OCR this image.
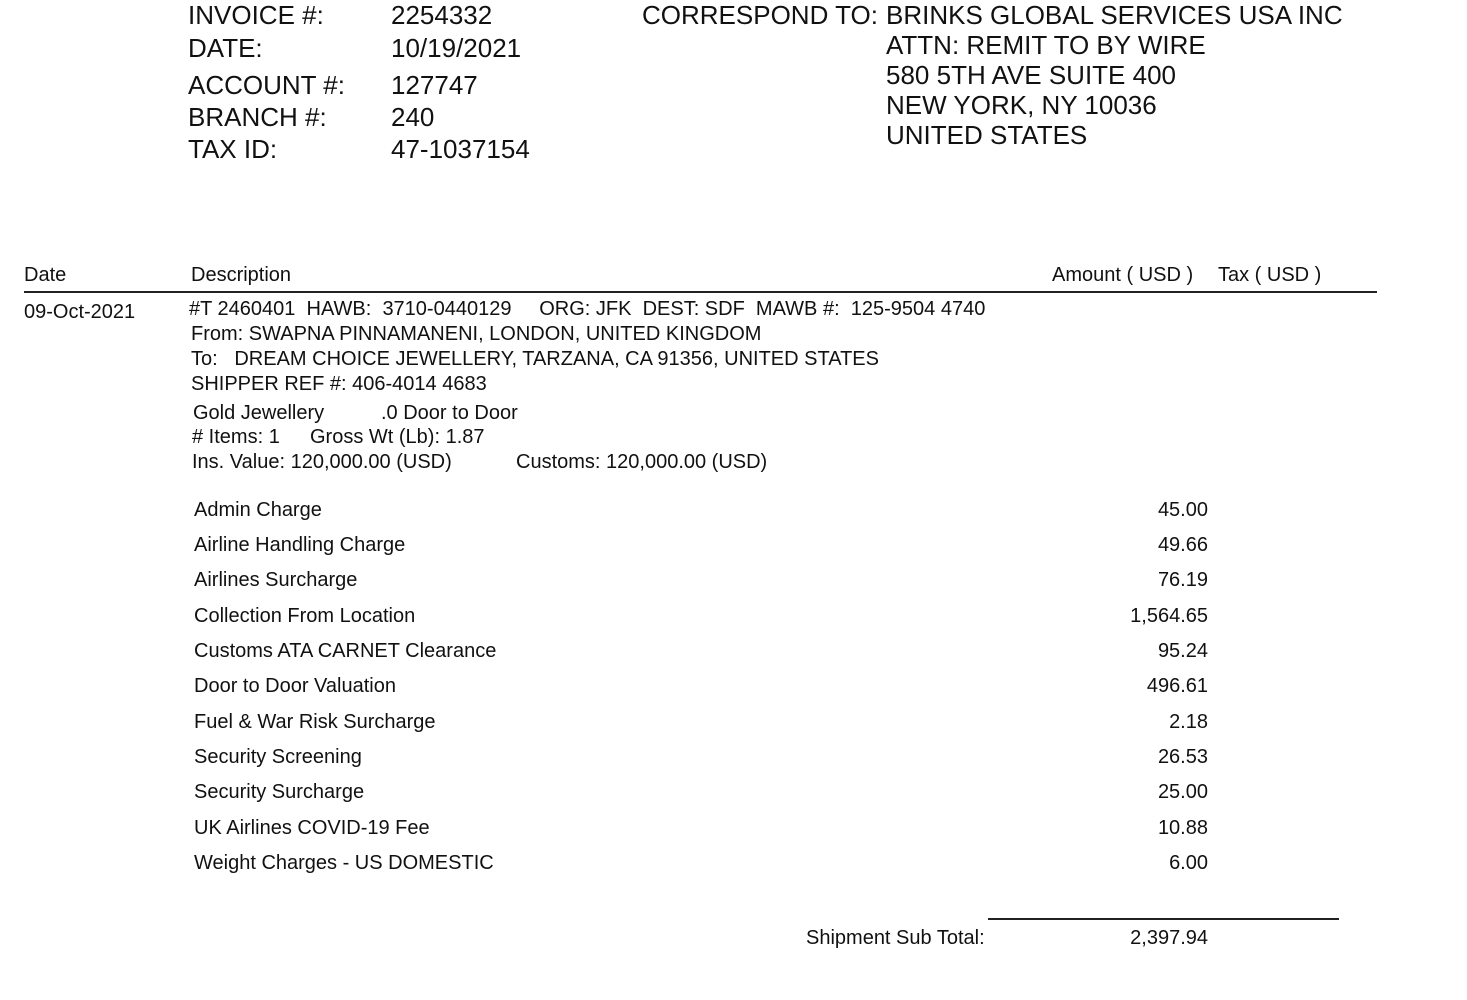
INVOICE #:	2254332
DATE:	10/19/2021
ACCOUNT #: 127747
BRANCH #: 240
TAX ID:	47-1037154
CORRESPOND TO: BRINKS GLOBAL SERVICES USA INC
ATTN: REMIT TO BY WIRE
580 5TH AVE SUITE 400
NEW YORK, NY 10036
UNITED STATES
Date	Description	Amount ( USD ) Tax ( USD )
09-Oct-2021	#T 2460401  HAWB:  3710-0440129     ORG: JFK  DEST: SDF  MAWB #:  125-9504 4740
From: SWAPNA PINNAMANENI, LONDON, UNITED KINGDOM
To:   DREAM CHOICE JEWELLERY, TARZANA, CA 91356, UNITED STATES
SHIPPER REF #: 406-4014 4683
Gold Jewellery	.0 Door to Door
# Items: 1 Gross Wt (Lb): 1.87
Ins. Value: 120,000.00 (USD)	Customs: 120,000.00 (USD)
Admin Charge	45.00
Airline Handling Charge	49.66
Airlines Surcharge	76.19
Collection From Location	1,564.65
Customs ATA CARNET Clearance	95.24
Door to Door Valuation	496.61
Fuel & War Risk Surcharge	2.18
Security Screening	26.53
Security Surcharge	25.00
UK Airlines COVID-19 Fee	10.88
Weight Charges - US DOMESTIC	6.00
Shipment Sub Total:	2,397.94
